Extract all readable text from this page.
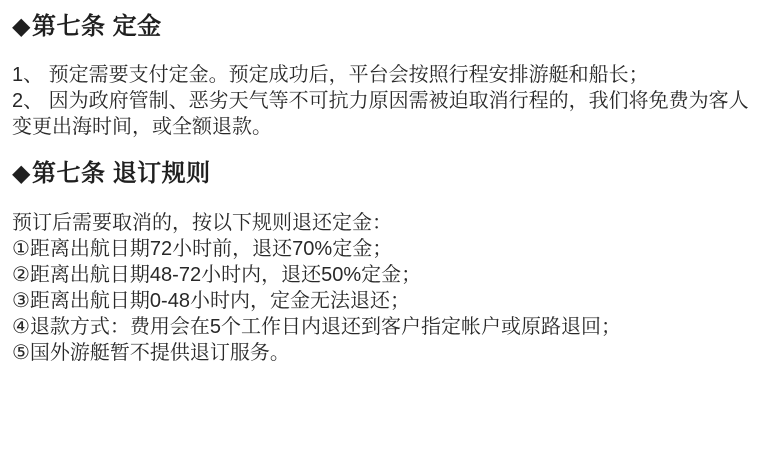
◆第七条 定金

1、 预定需要支付定金。预定成功后，平台会按照行程安排游艇和船长；

2、 因为政府管制、恶劣天气等不可抗力原因需被迫取消行程的，我们将免费为客人变更出海时间，或全额退款。

◆第七条 退订规则

预订后需要取消的，按以下规则退还定金：

①距离出航日期72小时前，退还70%定金；
②距离出航日期48-72小时内，退还50%定金；
③距离出航日期0-48小时内，定金无法退还；
④退款方式：费用会在5个工作日内退还到客户指定帐户或原路退回；
⑤国外游艇暂不提供退订服务。
